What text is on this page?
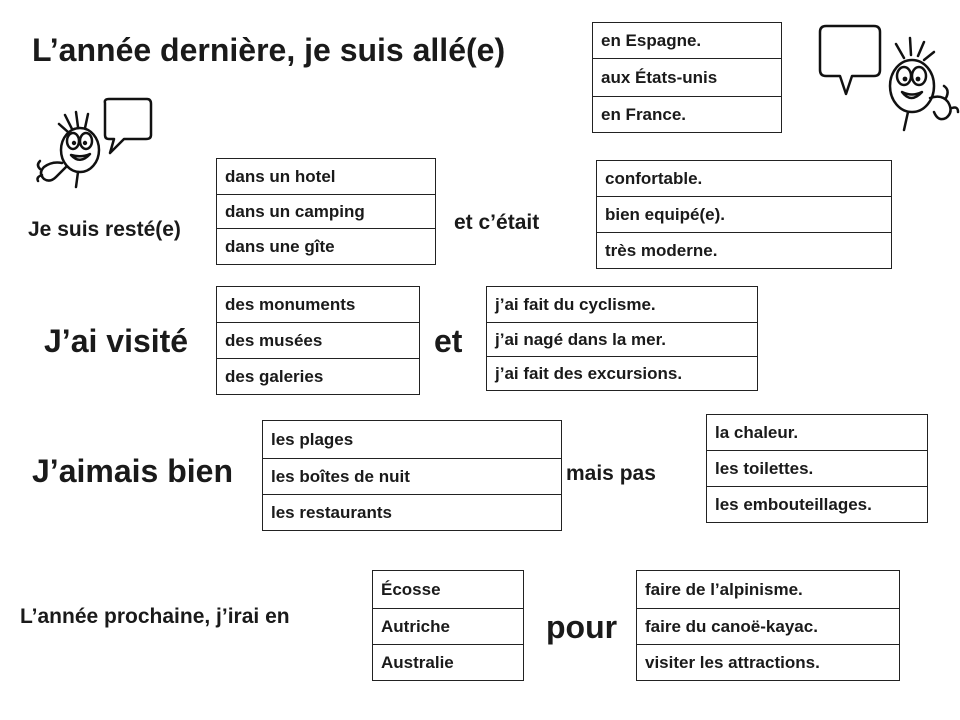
L’année dernière, je suis allé(e)	en Espagne.
aux États-unis
en France.
Je suis resté(e)
dans un hotel
dans un camping
dans une gîte
et c’était
confortable.
bien equipé(e).
très moderne.
J’ai visité
des monuments
des musées
des galeries
et
j’ai fait du cyclisme.
j’ai nagé dans la mer.
j’ai fait des excursions.
J’aimais bien
les plages
les boîtes de nuit
les restaurants
mais pas
la chaleur.
les toilettes.
les embouteillages.
L’année prochaine, j’irai en
Écosse
Autriche
Australie
pour
faire de l’alpinisme.
faire du canoë-kayac.
visiter les attractions.
